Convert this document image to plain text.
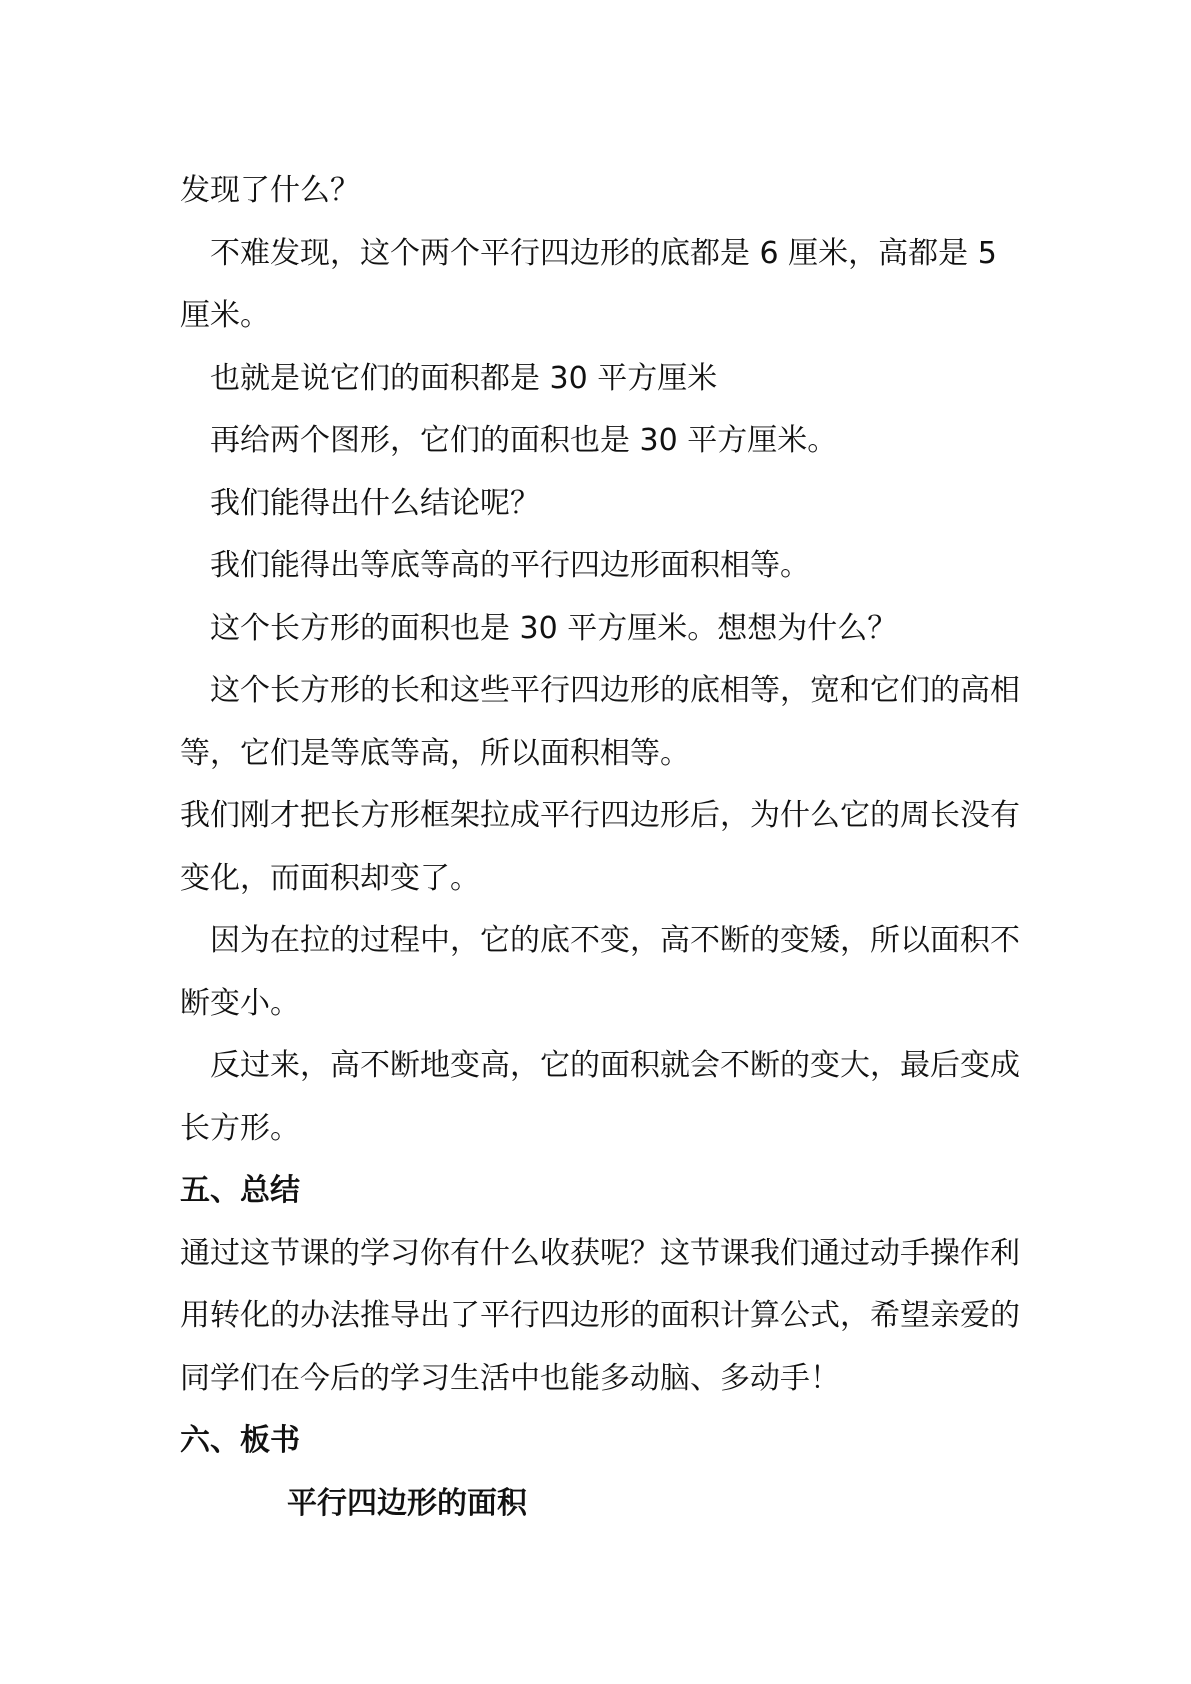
发现了什么？

不难发现，这个两个平行四边形的底都是 6 厘米，高都是 5 厘米。

也就是说它们的面积都是 30 平方厘米

再给两个图形，它们的面积也是 30 平方厘米。

我们能得出什么结论呢？

我们能得出等底等高的平行四边形面积相等。

这个长方形的面积也是 30 平方厘米。想想为什么？

这个长方形的长和这些平行四边形的底相等，宽和它们的高相等，它们是等底等高，所以面积相等。

我们刚才把长方形框架拉成平行四边形后，为什么它的周长没有变化，而面积却变了。

因为在拉的过程中，它的底不变，高不断的变矮，所以面积不断变小。

反过来，高不断地变高，它的面积就会不断的变大，最后变成长方形。

五、总结

通过这节课的学习你有什么收获呢？这节课我们通过动手操作利用转化的办法推导出了平行四边形的面积计算公式，希望亲爱的同学们在今后的学习生活中也能多动脑、多动手！

六、板书

平行四边形的面积
